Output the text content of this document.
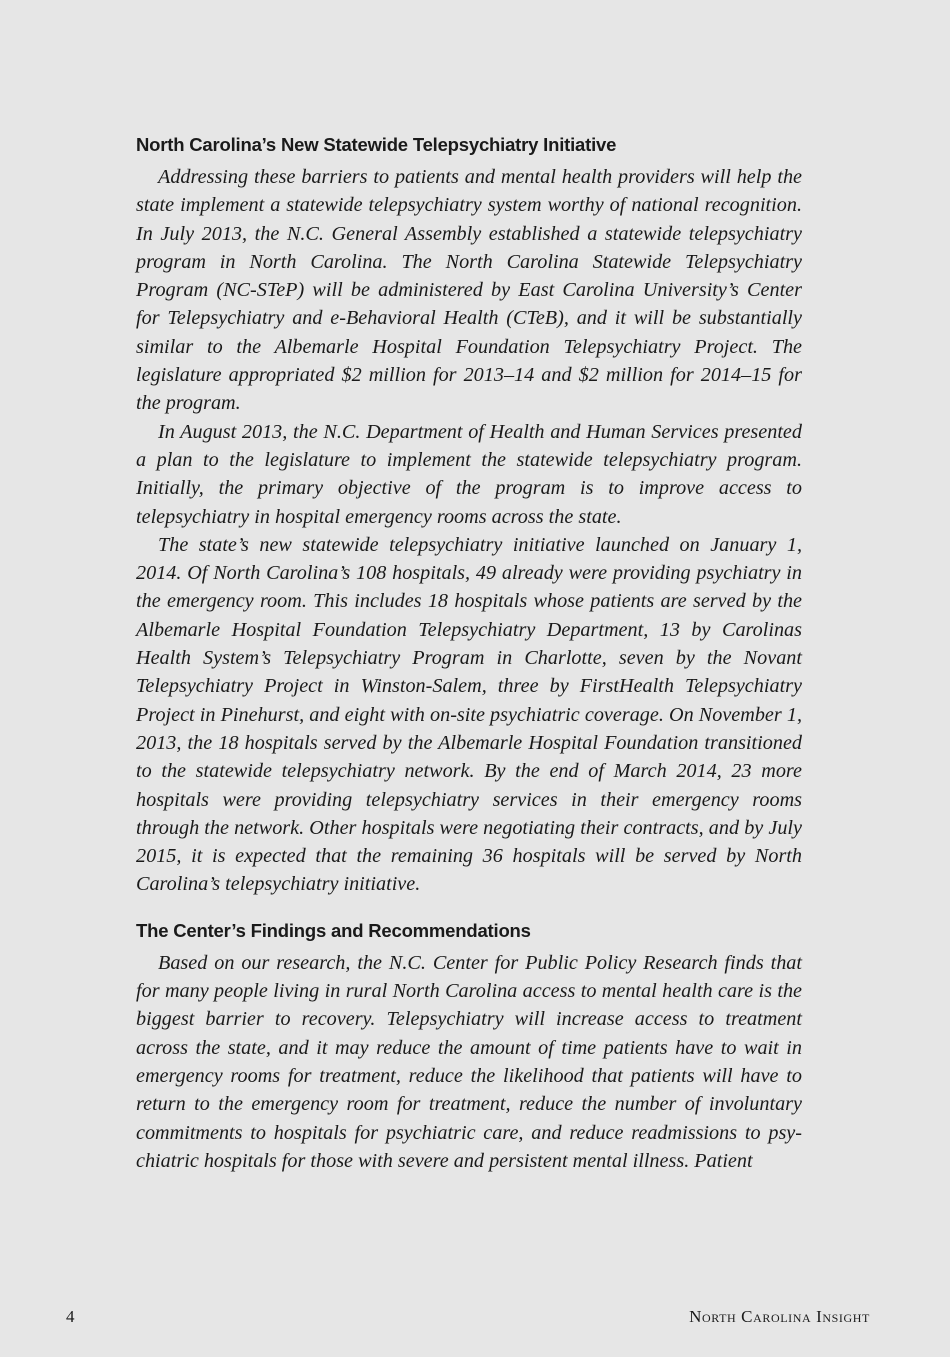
North Carolina’s New Statewide Telepsychiatry Initiative

Addressing these barriers to patients and mental health providers will help the state implement a statewide telepsychiatry system worthy of national recognition. In July 2013, the N.C. General Assembly established a statewide telepsychiatry program in North Carolina. The North Carolina Statewide Telepsychiatry Program (NC-STeP) will be administered by East Carolina University’s Center for Telepsychiatry and e-Behavioral Health (CTeB), and it will be substantially similar to the Albemarle Hospital Foundation Telepsychiatry Project. The legislature appropriated $2 million for 2013–14 and $2 million for 2014–15 for the program.

In August 2013, the N.C. Department of Health and Human Services presented a plan to the legislature to implement the statewide telepsychiatry program. Initially, the primary objective of the program is to improve access to telepsychiatry in hospital emergency rooms across the state.

The state’s new statewide telepsychiatry initiative launched on January 1, 2014. Of North Carolina’s 108 hospitals, 49 already were providing psychiatry in the emergency room. This includes 18 hospitals whose patients are served by the Albemarle Hospital Foundation Telepsychiatry Department, 13 by Carolinas Health System’s Telepsychiatry Program in Charlotte, seven by the Novant Telepsychiatry Project in Winston-Salem, three by FirstHealth Telepsychiatry Project in Pinehurst, and eight with on-site psychiatric coverage. On November 1, 2013, the 18 hospitals served by the Albemarle Hospital Foundation transitioned to the statewide telepsychiatry network. By the end of March 2014, 23 more hospitals were providing telepsychiatry services in their emergency rooms through the network. Other hospitals were negotiating their contracts, and by July 2015, it is expected that the remaining 36 hospitals will be served by North Carolina’s telepsychiatry initiative.

The Center’s Findings and Recommendations

Based on our research, the N.C. Center for Public Policy Research finds that for many people living in rural North Carolina access to mental health care is the biggest barrier to recovery. Telepsychiatry will increase access to treatment across the state, and it may reduce the amount of time patients have to wait in emergency rooms for treatment, reduce the likelihood that patients will have to return to the emergency room for treatment, reduce the number of involuntary commitments to hospitals for psychiatric care, and reduce readmissions to psychiatric hospitals for those with severe and persistent mental illness. Patient

4	North Carolina Insight
